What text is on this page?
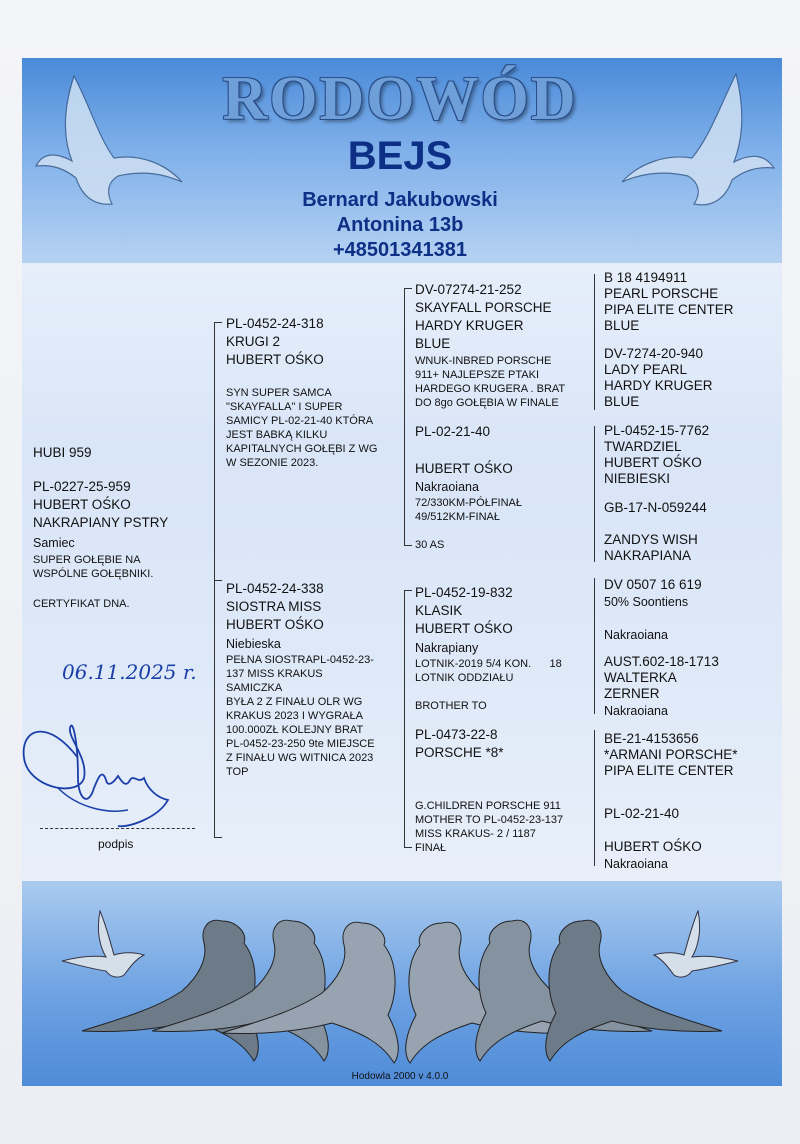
RODOWÓD
BEJS
Bernard Jakubowski
Antonina 13b
+48501341381
HUBI 959
PL-0227-25-959
HUBERT OŚKO
NAKRAPIANY PSTRY
Samiec
SUPER GOŁĘBIE NA
WSPÓLNE GOŁĘBNIKI.
CERTYFIKAT DNA.
06.11.2025 r.
podpis
PL-0452-24-318
KRUGI 2
HUBERT OŚKO
SYN SUPER SAMCA
"SKAYFALLA" I SUPER
SAMICY PL-02-21-40 KTÓRA
JEST BABKĄ KILKU
KAPITALNYCH GOŁĘBI Z WG
W SEZONIE 2023.
PL-0452-24-338
SIOSTRA MISS
HUBERT OŚKO
Niebieska
PEŁNA SIOSTRAPL-0452-23-
137 MISS KRAKUS
SAMICZKA
BYŁA 2 Z FINAŁU OLR WG
KRAKUS 2023 I WYGRAŁA
100.000ZŁ KOLEJNY BRAT
PL-0452-23-250 9te MIEJSCE
Z FINAŁU WG WITNICA 2023
TOP
DV-07274-21-252
SKAYFALL PORSCHE
HARDY KRUGER
BLUE
WNUK-INBRED PORSCHE
911+ NAJLEPSZE PTAKI
HARDEGO KRUGERA . BRAT
DO 8go GOŁĘBIA W FINALE
PL-02-21-40
HUBERT OŚKO
Nakraoiana
72/330KM-PÓŁFINAŁ
49/512KM-FINAŁ
30 AS
PL-0452-19-832
KLASIK
HUBERT OŚKO
Nakrapiany
LOTNIK-2019 5/4 KON.      18
LOTNIK ODDZIAŁU
BROTHER TO
PL-0473-22-8
PORSCHE *8*
G.CHILDREN PORSCHE 911
MOTHER TO PL-0452-23-137
MISS KRAKUS- 2 / 1187
FINAŁ
B 18 4194911
PEARL PORSCHE
PIPA ELITE CENTER
BLUE
DV-7274-20-940
LADY PEARL
HARDY KRUGER
BLUE
PL-0452-15-7762
TWARDZIEL
HUBERT OŚKO
NIEBIESKI
GB-17-N-059244
ZANDYS WISH
NAKRAPIANA
DV 0507 16 619
50% Soontiens
Nakraoiana
AUST.602-18-1713
WALTERKA
ZERNER
Nakraoiana
BE-21-4153656
*ARMANI PORSCHE*
PIPA ELITE CENTER
PL-02-21-40
HUBERT OŚKO
Nakraoiana
Hodowla 2000 v 4.0.0
